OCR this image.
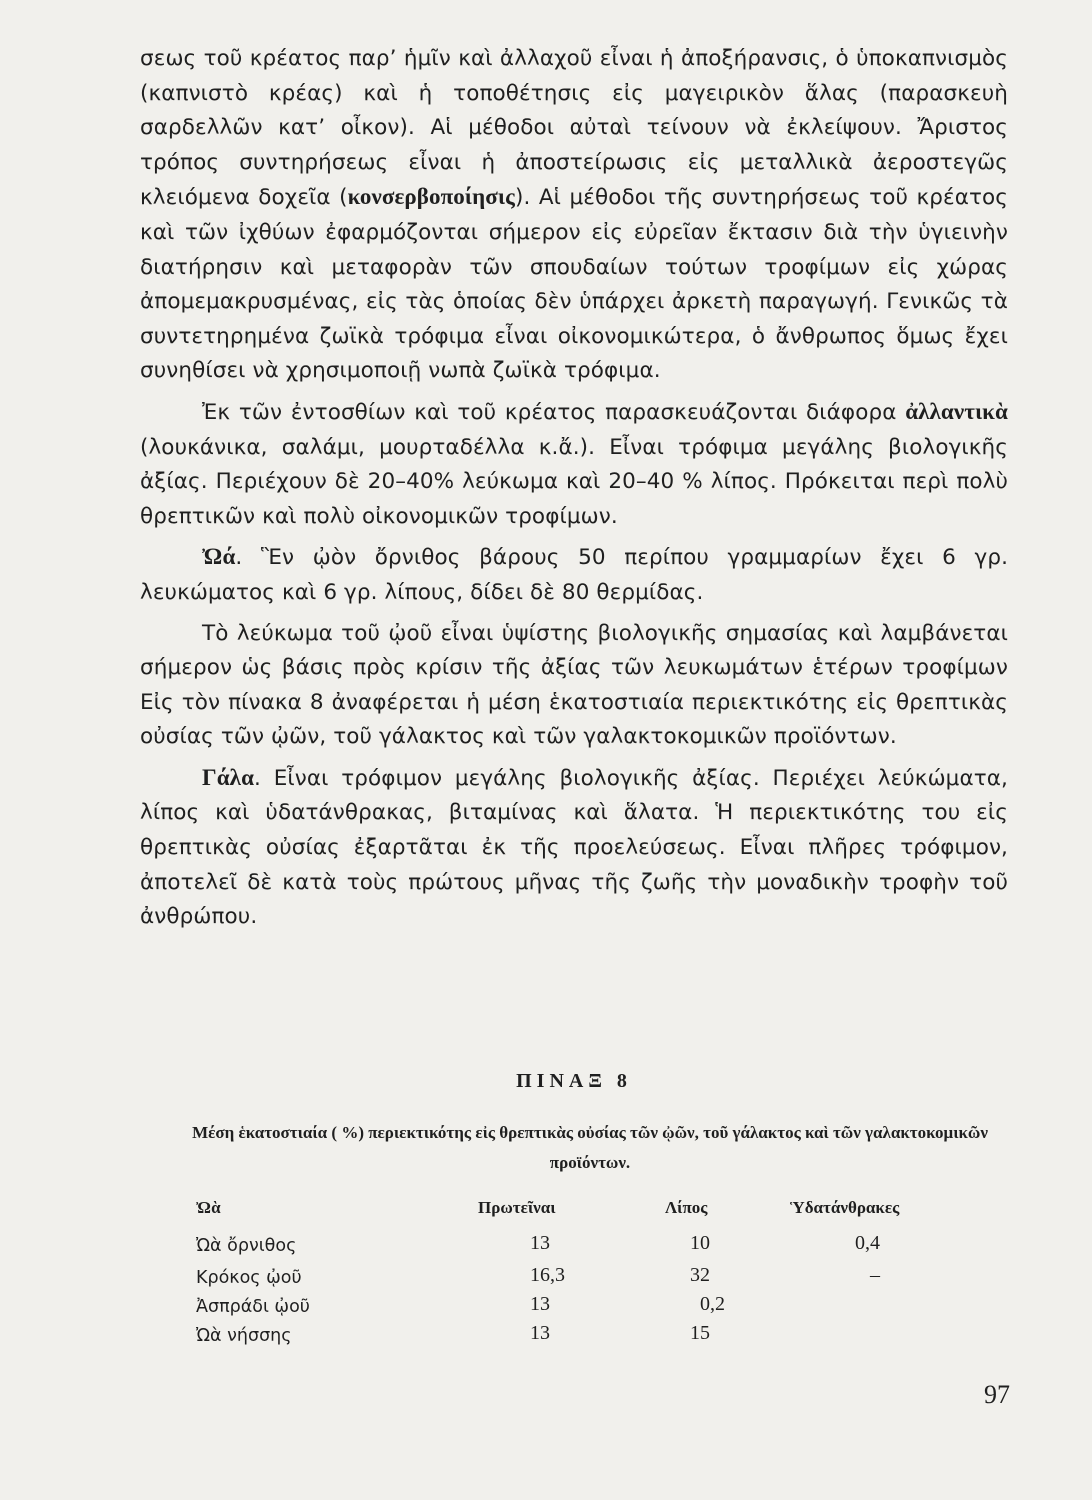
σεως τοῦ κρέατος παρ’ ἡμῖν καὶ ἀλλαχοῦ εἶναι ἡ ἀποξήρανσις, ὁ ὑποκαπνισμὸς (καπνιστὸ κρέας) καὶ ἡ τοποθέτησις εἰς μαγειρικὸν ἅλας (παρασκευὴ σαρδελλῶν κατ’ οἶκον). Αἱ μέθοδοι αὐταὶ τείνουν νὰ ἐκλείψουν. Ἄριστος τρόπος συντηρήσεως εἶναι ἡ ἀποστείρωσις εἰς μεταλλικὰ ἀεροστεγῶς κλειόμενα δοχεῖα (κονσερβοποίησις). Αἱ μέθοδοι τῆς συντηρήσεως τοῦ κρέατος καὶ τῶν ἰχθύων ἐφαρμόζονται σήμερον εἰς εὐρεῖαν ἔκτασιν διὰ τὴν ὑγιεινὴν διατήρησιν καὶ μεταφορὰν τῶν σπουδαίων τούτων τροφίμων εἰς χώρας ἀπομεμακρυσμένας, εἰς τὰς ὁποίας δὲν ὑπάρχει ἀρκετὴ παραγωγή. Γενικῶς τὰ συντετηρημένα ζωϊκὰ τρόφιμα εἶναι οἰκονομικώτερα, ὁ ἄνθρωπος ὅμως ἔχει συνηθίσει νὰ χρησιμοποιῇ νωπὰ ζωϊκὰ τρόφιμα.

Ἐκ τῶν ἐντοσθίων καὶ τοῦ κρέατος παρασκευάζονται διάφορα ἀλλαντικὰ (λουκάνικα, σαλάμι, μουρταδέλλα κ.ἄ.). Εἶναι τρόφιμα μεγάλης βιολογικῆς ἀξίας. Περιέχουν δὲ 20–40% λεύκωμα καὶ 20–40 % λίπος. Πρόκειται περὶ πολὺ θρεπτικῶν καὶ πολὺ οἰκονομικῶν τροφίμων.

Ὠά. Ἓν ᾠὸν ὄρνιθος βάρους 50 περίπου γραμμαρίων ἔχει 6 γρ. λευκώματος καὶ 6 γρ. λίπους, δίδει δὲ 80 θερμίδας.

Τὸ λεύκωμα τοῦ ᾠοῦ εἶναι ὑψίστης βιολογικῆς σημασίας καὶ λαμβάνεται σήμερον ὡς βάσις πρὸς κρίσιν τῆς ἀξίας τῶν λευκωμάτων ἑτέρων τροφίμων Εἰς τὸν πίνακα 8 ἀναφέρεται ἡ μέση ἑκατοστιαία περιεκτικότης εἰς θρεπτικὰς οὐσίας τῶν ᾠῶν, τοῦ γάλακτος καὶ τῶν γαλακτοκομικῶν προϊόντων.

Γάλα. Εἶναι τρόφιμον μεγάλης βιολογικῆς ἀξίας. Περιέχει λεύκώματα, λίπος καὶ ὑδατάνθρακας, βιταμίνας καὶ ἅλατα. Ἡ περιεκτικότης του εἰς θρεπτικὰς οὐσίας ἐξαρτᾶται ἐκ τῆς προελεύσεως. Εἶναι πλῆρες τρόφιμον, ἀποτελεῖ δὲ κατὰ τοὺς πρώτους μῆνας τῆς ζωῆς τὴν μοναδικὴν τροφὴν τοῦ ἀνθρώπου.

ΠΙΝΑΞ 8
Μέση ἑκατοστιαία ( %) περιεκτικότης εἰς θρεπτικὰς οὐσίας τῶν ᾠῶν, τοῦ γάλακτος καὶ τῶν γαλακτοκομικῶν προϊόντων.
Ὠὰ	Πρωτεῖναι	Λίπος	Ὑδατάνθρακες
Ὠὰ ὄρνιθος	13	10	0,4
Κρόκος ᾠοῦ	16,3	32	–
Ἀσπράδι ᾠοῦ	13	0,2
Ὠὰ νήσσης	13	15
97
